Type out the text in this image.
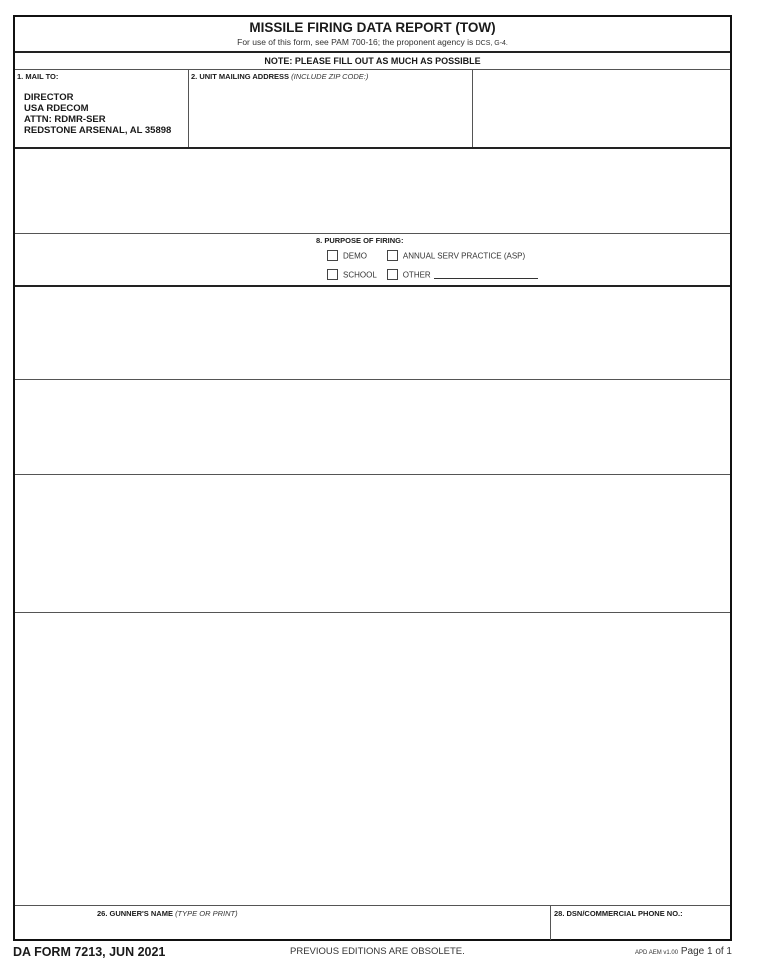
MISSILE FIRING DATA REPORT (TOW)
For use of this form, see PAM 700-16; the proponent agency is DCS, G-4.
NOTE: PLEASE FILL OUT AS MUCH AS POSSIBLE
1. MAIL TO:
DIRECTOR
USA RDECOM
ATTN: RDMR-SER
REDSTONE ARSENAL, AL 35898
2. UNIT MAILING ADDRESS (INCLUDE ZIP CODE:)
8. PURPOSE OF FIRING:
DEMO	ANNUAL SERV PRACTICE (ASP)
SCHOOL	OTHER
26. GUNNER'S NAME (TYPE OR PRINT)	28. DSN/COMMERCIAL PHONE NO.:
DA FORM 7213, JUN 2021	PREVIOUS EDITIONS ARE OBSOLETE.	APD AEM v1.00 Page 1 of 1
